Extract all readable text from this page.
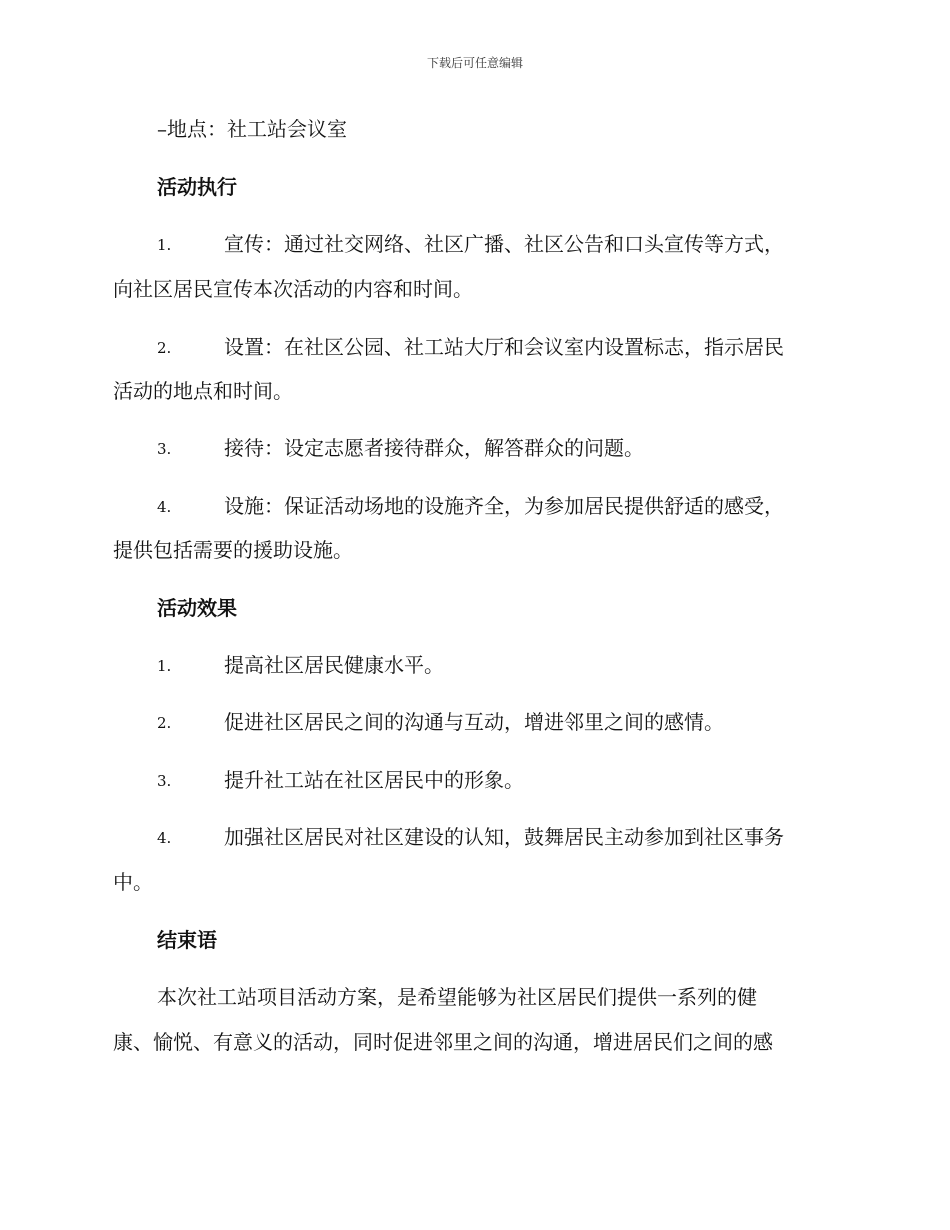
下载后可任意编辑
–地点：社工站会议室
活动执行
1.	宣传：通过社交网络、社区广播、社区公告和口头宣传等方式，
向社区居民宣传本次活动的内容和时间。
2.	设置：在社区公园、社工站大厅和会议室内设置标志，指示居民
活动的地点和时间。
3.	接待：设定志愿者接待群众，解答群众的问题。
4.	设施：保证活动场地的设施齐全，为参加居民提供舒适的感受，
提供包括需要的援助设施。
活动效果
1.	提高社区居民健康水平。
2.	促进社区居民之间的沟通与互动，增进邻里之间的感情。
3.	提升社工站在社区居民中的形象。
4.	加强社区居民对社区建设的认知，鼓舞居民主动参加到社区事务
中。
结束语
本次社工站项目活动方案，是希望能够为社区居民们提供一系列的健
康、愉悦、有意义的活动，同时促进邻里之间的沟通，增进居民们之间的感
